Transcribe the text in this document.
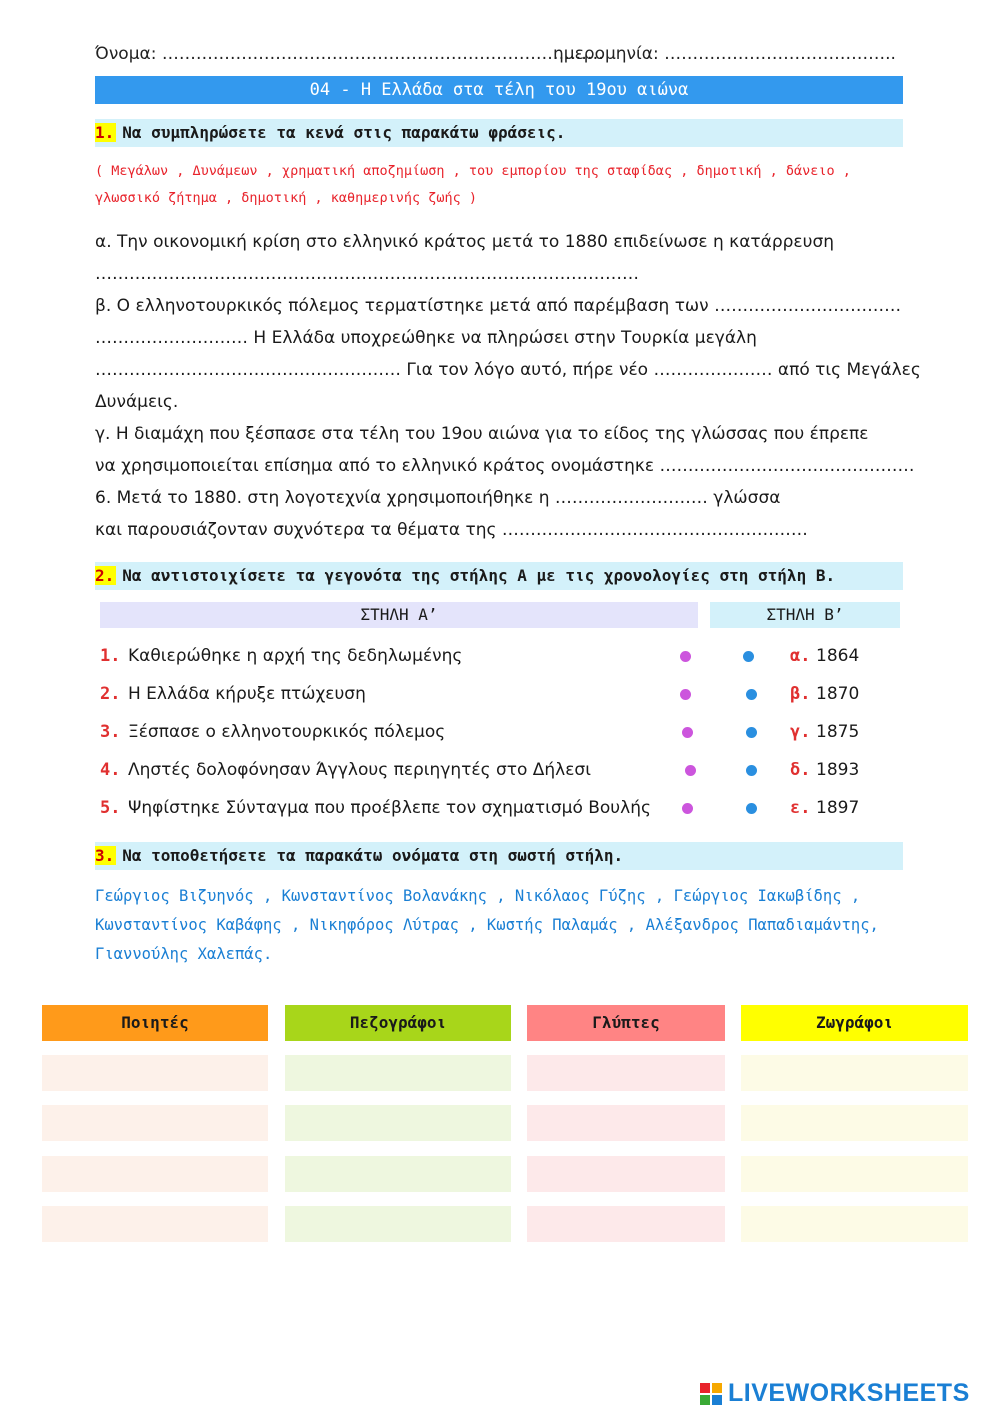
Όνομα: ……………………………………………………………………
ημερομηνία: …………………………………..
04 - Η Ελλάδα στα τέλη του 19ου αιώνα
1. Να συμπληρώσετε τα κενά στις παρακάτω φράσεις.
( Μεγάλων , Δυνάμεων , χρηματική αποζημίωση , του εμπορίου της σταφίδας , δημοτική , δάνειο ,
γλωσσικό ζήτημα , δημοτική , καθημερινής ζωής )

α. Την οικονομική κρίση στο ελληνικό κράτος μετά το 1880 επιδείνωσε η κατάρρευση

……………………………………………………………………………………

β. Ο ελληνοτουρκικός πόλεμος τερματίστηκε μετά από παρέμβαση των ……………………………

……………………… Η Ελλάδα υποχρεώθηκε να πληρώσει στην Τουρκία μεγάλη

……………………………………………… Για τον λόγο αυτό, πήρε νέο ………………… από τις Μεγάλες

Δυνάμεις.

γ. Η διαμάχη που ξέσπασε στα τέλη του 19ου αιώνα για το είδος της γλώσσας που έπρεπε

να χρησιμοποιείται επίσημα από το ελληνικό κράτος ονομάστηκε ………………………………………

6. Μετά το 1880. στη λογοτεχνία χρησιμοποιήθηκε η ……………………… γλώσσα

και παρουσιάζονταν συχνότερα τα θέματα της ………………………………………………

2. Να αντιστοιχίσετε τα γεγονότα της στήλης Α με τις χρονολογίες στη στήλη Β.
ΣΤΗΛΗ Α’	ΣΤΗΛΗ Β’
1. Καθιερώθηκε η αρχή της δεδηλωμένης	α. 1864
2. Η Ελλάδα κήρυξε πτώχευση	β. 1870
3. Ξέσπασε ο ελληνοτουρκικός πόλεμος	γ. 1875
4. Ληστές δολοφόνησαν Άγγλους περιηγητές στο Δήλεσι	δ. 1893
5. Ψηφίστηκε Σύνταγμα που προέβλεπε τον σχηματισμό Βουλής	ε. 1897
3. Να τοποθετήσετε τα παρακάτω ονόματα στη σωστή στήλη.

Γεώργιος Βιζυηνός , Κωνσταντίνος Βολανάκης , Νικόλαος Γύζης , Γεώργιος Ιακωβίδης ,

Κωνσταντίνος Καβάφης , Νικηφόρος Λύτρας , Κωστής Παλαμάς , Αλέξανδρος Παπαδιαμάντης,

Γιαννούλης Χαλεπάς.

Ποιητές	Πεζογράφοι	Γλύπτες	Ζωγράφοι
LIVEWORKSHEETS
